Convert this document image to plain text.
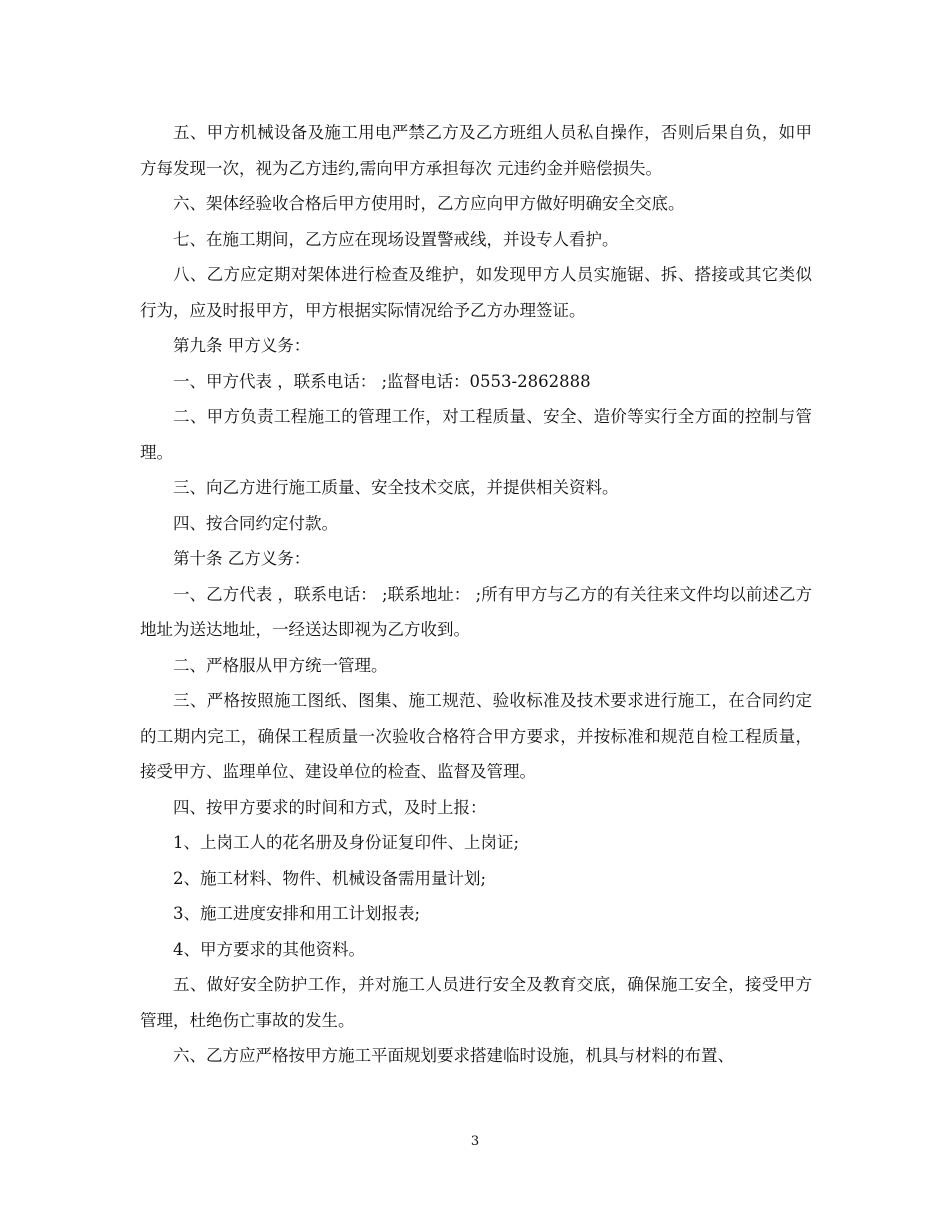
五、甲方机械设备及施工用电严禁乙方及乙方班组人员私自操作，否则后果自负，如甲方每发现一次，视为乙方违约,需向甲方承担每次 元违约金并赔偿损失。

六、架体经验收合格后甲方使用时，乙方应向甲方做好明确安全交底。

七、在施工期间，乙方应在现场设置警戒线，并设专人看护。

八、乙方应定期对架体进行检查及维护，如发现甲方人员实施锯、拆、搭接或其它类似行为，应及时报甲方，甲方根据实际情况给予乙方办理签证。

第九条 甲方义务：

一、甲方代表 ，联系电话： ;监督电话：0553-2862888

二、甲方负责工程施工的管理工作，对工程质量、安全、造价等实行全方面的控制与管理。

三、向乙方进行施工质量、安全技术交底，并提供相关资料。

四、按合同约定付款。

第十条 乙方义务：

一、乙方代表 ，联系电话： ;联系地址： ;所有甲方与乙方的有关往来文件均以前述乙方地址为送达地址，一经送达即视为乙方收到。

二、严格服从甲方统一管理。

三、严格按照施工图纸、图集、施工规范、验收标准及技术要求进行施工，在合同约定的工期内完工，确保工程质量一次验收合格符合甲方要求，并按标准和规范自检工程质量，接受甲方、监理单位、建设单位的检查、监督及管理。

四、按甲方要求的时间和方式，及时上报：

1、上岗工人的花名册及身份证复印件、上岗证;

2、施工材料、物件、机械设备需用量计划;

3、施工进度安排和用工计划报表;

4、甲方要求的其他资料。

五、做好安全防护工作，并对施工人员进行安全及教育交底，确保施工安全，接受甲方管理，杜绝伤亡事故的发生。

六、乙方应严格按甲方施工平面规划要求搭建临时设施，机具与材料的布置、

3
